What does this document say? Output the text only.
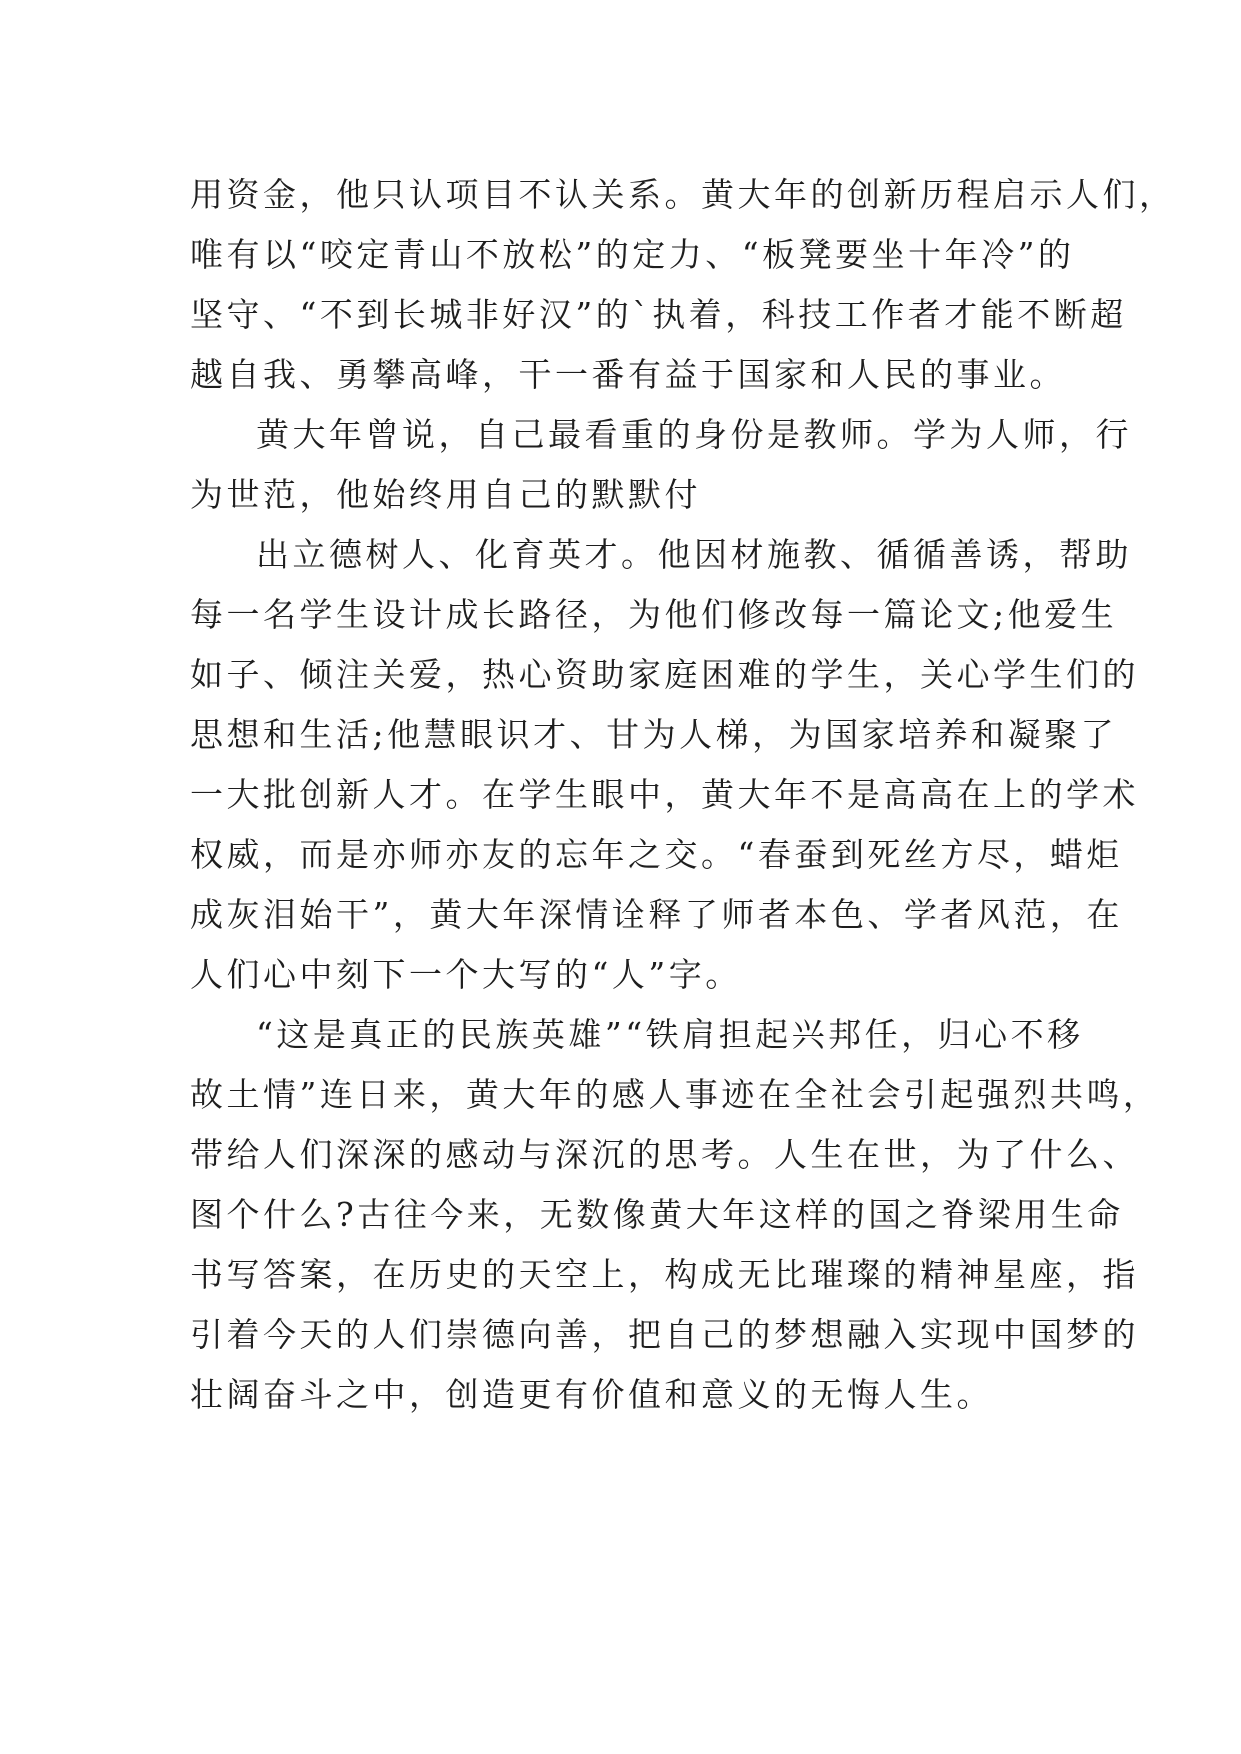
用资金，他只认项目不认关系。黄大年的创新历程启示人们，
唯有以“咬定青山不放松”的定力、“板凳要坐十年冷”的
坚守、“不到长城非好汉”的`执着，科技工作者才能不断超
越自我、勇攀高峰，干一番有益于国家和人民的事业。
黄大年曾说，自己最看重的身份是教师。学为人师，行
为世范，他始终用自己的默默付
出立德树人、化育英才。他因材施教、循循善诱，帮助
每一名学生设计成长路径，为他们修改每一篇论文;他爱生
如子、倾注关爱，热心资助家庭困难的学生，关心学生们的
思想和生活;他慧眼识才、甘为人梯，为国家培养和凝聚了
一大批创新人才。在学生眼中，黄大年不是高高在上的学术
权威，而是亦师亦友的忘年之交。“春蚕到死丝方尽，蜡炬
成灰泪始干”，黄大年深情诠释了师者本色、学者风范，在
人们心中刻下一个大写的“人”字。
“这是真正的民族英雄”“铁肩担起兴邦任，归心不移
故土情”连日来，黄大年的感人事迹在全社会引起强烈共鸣，
带给人们深深的感动与深沉的思考。人生在世，为了什么、
图个什么?古往今来，无数像黄大年这样的国之脊梁用生命
书写答案，在历史的天空上，构成无比璀璨的精神星座，指
引着今天的人们崇德向善，把自己的梦想融入实现中国梦的
壮阔奋斗之中，创造更有价值和意义的无悔人生。
